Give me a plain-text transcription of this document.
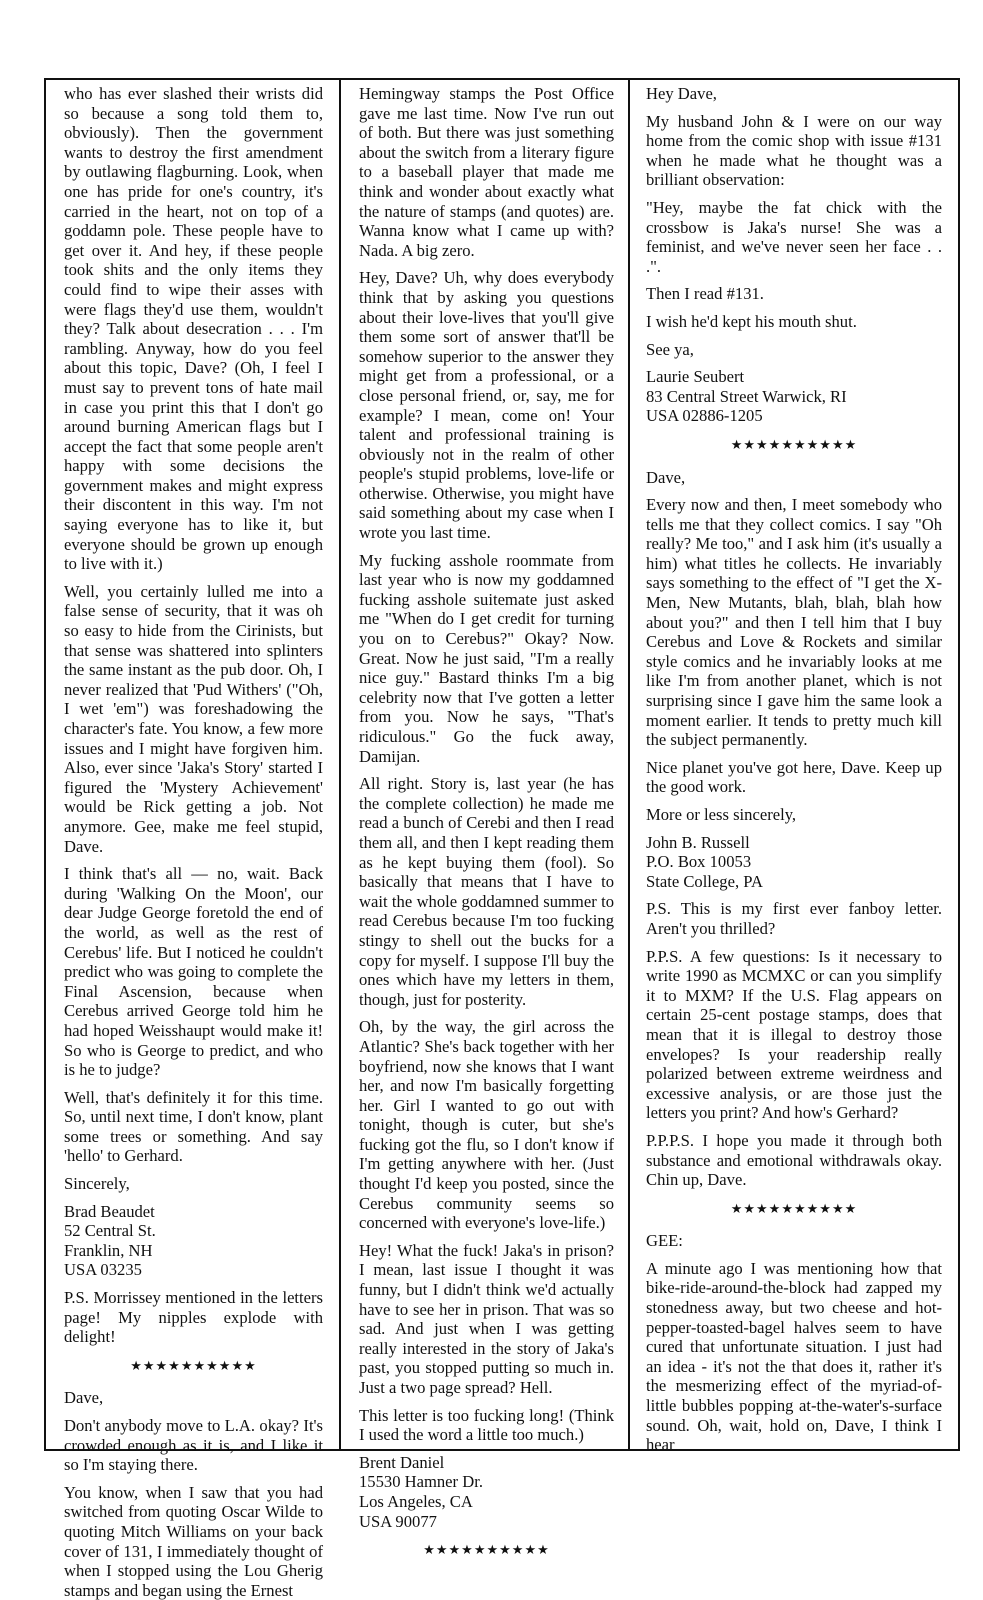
who has ever slashed their wrists did so because a song told them to, obviously). Then the government wants to destroy the first amendment by outlawing flagburning. Look, when one has pride for one's country, it's carried in the heart, not on top of a goddamn pole. These people have to get over it. And hey, if these people took shits and the only items they could find to wipe their asses with were flags they'd use them, wouldn't they? Talk about desecration . . . I'm rambling. Anyway, how do you feel about this topic, Dave? (Oh, I feel I must say to prevent tons of hate mail in case you print this that I don't go around burning American flags but I accept the fact that some people aren't happy with some decisions the government makes and might express their discontent in this way. I'm not saying everyone has to like it, but everyone should be grown up enough to live with it.)

Well, you certainly lulled me into a false sense of security, that it was oh so easy to hide from the Cirinists, but that sense was shattered into splinters the same instant as the pub door. Oh, I never realized that 'Pud Withers' ("Oh, I wet 'em") was foreshadowing the character's fate. You know, a few more issues and I might have forgiven him. Also, ever since 'Jaka's Story' started I figured the 'Mystery Achievement' would be Rick getting a job. Not anymore. Gee, make me feel stupid, Dave.

I think that's all — no, wait. Back during 'Walking On the Moon', our dear Judge George foretold the end of the world, as well as the rest of Cerebus' life. But I noticed he couldn't predict who was going to complete the Final Ascension, because when Cerebus arrived George told him he had hoped Weisshaupt would make it! So who is George to predict, and who is he to judge?

Well, that's definitely it for this time. So, until next time, I don't know, plant some trees or something. And say 'hello' to Gerhard.

Sincerely,

Brad Beaudet
52 Central St.
Franklin, NH
USA 03235

P.S. Morrissey mentioned in the letters page! My nipples explode with delight!

★★★★★★★★★★

Dave,

Don't anybody move to L.A. okay? It's crowded enough as it is, and I like it so I'm staying there.

You know, when I saw that you had switched from quoting Oscar Wilde to quoting Mitch Williams on your back cover of 131, I immediately thought of when I stopped using the Lou Gherig stamps and began using the Ernest

Hemingway stamps the Post Office gave me last time. Now I've run out of both. But there was just something about the switch from a literary figure to a baseball player that made me think and wonder about exactly what the nature of stamps (and quotes) are. Wanna know what I came up with? Nada. A big zero.

Hey, Dave? Uh, why does everybody think that by asking you questions about their love-lives that you'll give them some sort of answer that'll be somehow superior to the answer they might get from a professional, or a close personal friend, or, say, me for example? I mean, come on! Your talent and professional training is obviously not in the realm of other people's stupid problems, love-life or otherwise. Otherwise, you might have said something about my case when I wrote you last time.

My fucking asshole roommate from last year who is now my goddamned fucking asshole suitemate just asked me "When do I get credit for turning you on to Cerebus?" Okay? Now. Great. Now he just said, "I'm a really nice guy." Bastard thinks I'm a big celebrity now that I've gotten a letter from you. Now he says, "That's ridiculous." Go the fuck away, Damijan.

All right. Story is, last year (he has the complete collection) he made me read a bunch of Cerebi and then I read them all, and then I kept reading them as he kept buying them (fool). So basically that means that I have to wait the whole goddamned summer to read Cerebus because I'm too fucking stingy to shell out the bucks for a copy for myself. I suppose I'll buy the ones which have my letters in them, though, just for posterity.

Oh, by the way, the girl across the Atlantic? She's back together with her boyfriend, now she knows that I want her, and now I'm basically forgetting her. Girl I wanted to go out with tonight, though is cuter, but she's fucking got the flu, so I don't know if I'm getting anywhere with her. (Just thought I'd keep you posted, since the Cerebus community seems so concerned with everyone's love-life.)

Hey! What the fuck! Jaka's in prison? I mean, last issue I thought it was funny, but I didn't think we'd actually have to see her in prison. That was so sad. And just when I was getting really interested in the story of Jaka's past, you stopped putting so much in. Just a two page spread? Hell.

This letter is too fucking long! (Think I used the word a little too much.)

Brent Daniel
15530 Hamner Dr.
Los Angeles, CA
USA 90077
★★★★★★★★★★

Hey Dave,

My husband John & I were on our way home from the comic shop with issue #131 when he made what he thought was a brilliant observation:

"Hey, maybe the fat chick with the crossbow is Jaka's nurse! She was a feminist, and we've never seen her face . . .".

Then I read #131.

I wish he'd kept his mouth shut.

See ya,

Laurie Seubert
83 Central Street Warwick, RI
USA 02886-1205
★★★★★★★★★★

Dave,

Every now and then, I meet somebody who tells me that they collect comics. I say "Oh really? Me too," and I ask him (it's usually a him) what titles he collects. He invariably says something to the effect of "I get the X-Men, New Mutants, blah, blah, blah how about you?" and then I tell him that I buy Cerebus and Love & Rockets and similar style comics and he invariably looks at me like I'm from another planet, which is not surprising since I gave him the same look a moment earlier. It tends to pretty much kill the subject permanently.

Nice planet you've got here, Dave. Keep up the good work.

More or less sincerely,

John B. Russell
P.O. Box 10053
State College, PA

P.S. This is my first ever fanboy letter. Aren't you thrilled?

P.P.S. A few questions: Is it necessary to write 1990 as MCMXC or can you simplify it to MXM? If the U.S. Flag appears on certain 25-cent postage stamps, does that mean that it is illegal to destroy those envelopes? Is your readership really polarized between extreme weirdness and excessive analysis, or are those just the letters you print? And how's Gerhard?

P.P.P.S. I hope you made it through both substance and emotional withdrawals okay. Chin up, Dave.

★★★★★★★★★★

GEE:

A minute ago I was mentioning how that bike-ride-around-the-block had zapped my stonedness away, but two cheese and hot-pepper-toasted-bagel halves seem to have cured that unfortunate situation. I just had an idea - it's not the that does it, rather it's the mesmerizing effect of the myriad-of-little bubbles popping at-the-water's-surface sound. Oh, wait, hold on, Dave, I think I hear
